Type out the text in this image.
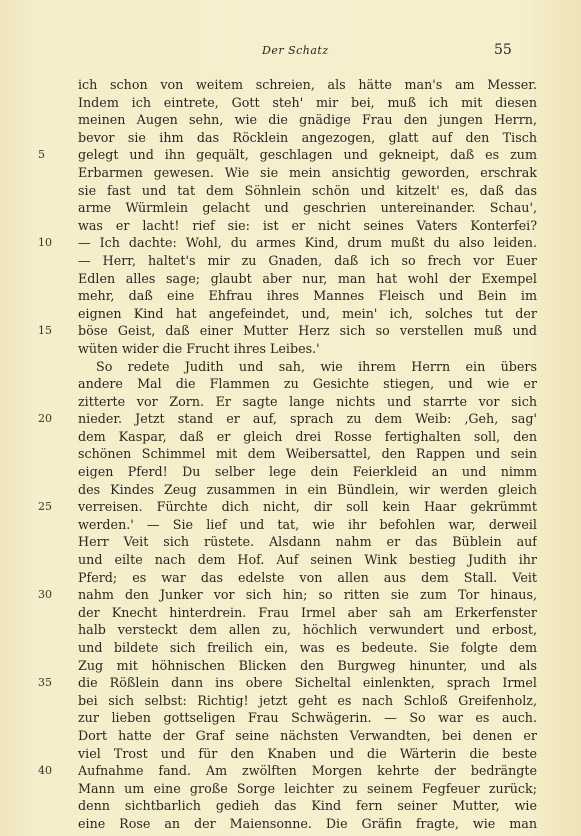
Der Schatz	55
ich schon von weitem schreien, als hätte man's am Messer.
Indem ich eintrete, Gott steh' mir bei, muß ich mit diesen
meinen Augen sehn, wie die gnädige Frau den jungen Herrn,
bevor sie ihm das Röcklein angezogen, glatt auf den Tisch
5	gelegt und ihn gequält, geschlagen und gekneipt, daß es zum
Erbarmen gewesen. Wie sie mein ansichtig geworden, erschrak
sie fast und tat dem Söhnlein schön und kitzelt' es, daß das
arme Würmlein gelacht und geschrien untereinander. Schau',
was er lacht! rief sie: ist er nicht seines Vaters Konterfei?
10	— Ich dachte: Wohl, du armes Kind, drum mußt du also leiden.
— Herr, haltet's mir zu Gnaden, daß ich so frech vor Euer
Edlen alles sage; glaubt aber nur, man hat wohl der Exempel
mehr, daß eine Ehfrau ihres Mannes Fleisch und Bein im
eignen Kind hat angefeindet, und, mein' ich, solches tut der
15	böse Geist, daß einer Mutter Herz sich so verstellen muß und
wüten wider die Frucht ihres Leibes.'
So redete Judith und sah, wie ihrem Herrn ein übers
andere Mal die Flammen zu Gesichte stiegen, und wie er
zitterte vor Zorn. Er sagte lange nichts und starrte vor sich
20	nieder. Jetzt stand er auf, sprach zu dem Weib: ‚Geh, sag'
dem Kaspar, daß er gleich drei Rosse fertighalten soll, den
schönen Schimmel mit dem Weibersattel, den Rappen und sein
eigen Pferd! Du selber lege dein Feierkleid an und nimm
des Kindes Zeug zusammen in ein Bündlein, wir werden gleich
25	verreisen. Fürchte dich nicht, dir soll kein Haar gekrümmt
werden.' — Sie lief und tat, wie ihr befohlen war, derweil
Herr Veit sich rüstete. Alsdann nahm er das Büblein auf
und eilte nach dem Hof. Auf seinen Wink bestieg Judith ihr
Pferd; es war das edelste von allen aus dem Stall. Veit
30	nahm den Junker vor sich hin; so ritten sie zum Tor hinaus,
der Knecht hinterdrein. Frau Irmel aber sah am Erkerfenster
halb versteckt dem allen zu, höchlich verwundert und erbost,
und bildete sich freilich ein, was es bedeute. Sie folgte dem
Zug mit höhnischen Blicken den Burgweg hinunter, und als
35	die Rößlein dann ins obere Sicheltal einlenkten, sprach Irmel
bei sich selbst: Richtig! jetzt geht es nach Schloß Greifenholz,
zur lieben gottseligen Frau Schwägerin. — So war es auch.
Dort hatte der Graf seine nächsten Verwandten, bei denen er
viel Trost und für den Knaben und die Wärterin die beste
40	Aufnahme fand. Am zwölften Morgen kehrte der bedrängte
Mann um eine große Sorge leichter zu seinem Fegfeuer zurück;
denn sichtbarlich gedieh das Kind fern seiner Mutter, wie
eine Rose an der Maiensonne. Die Gräfin fragte, wie man
